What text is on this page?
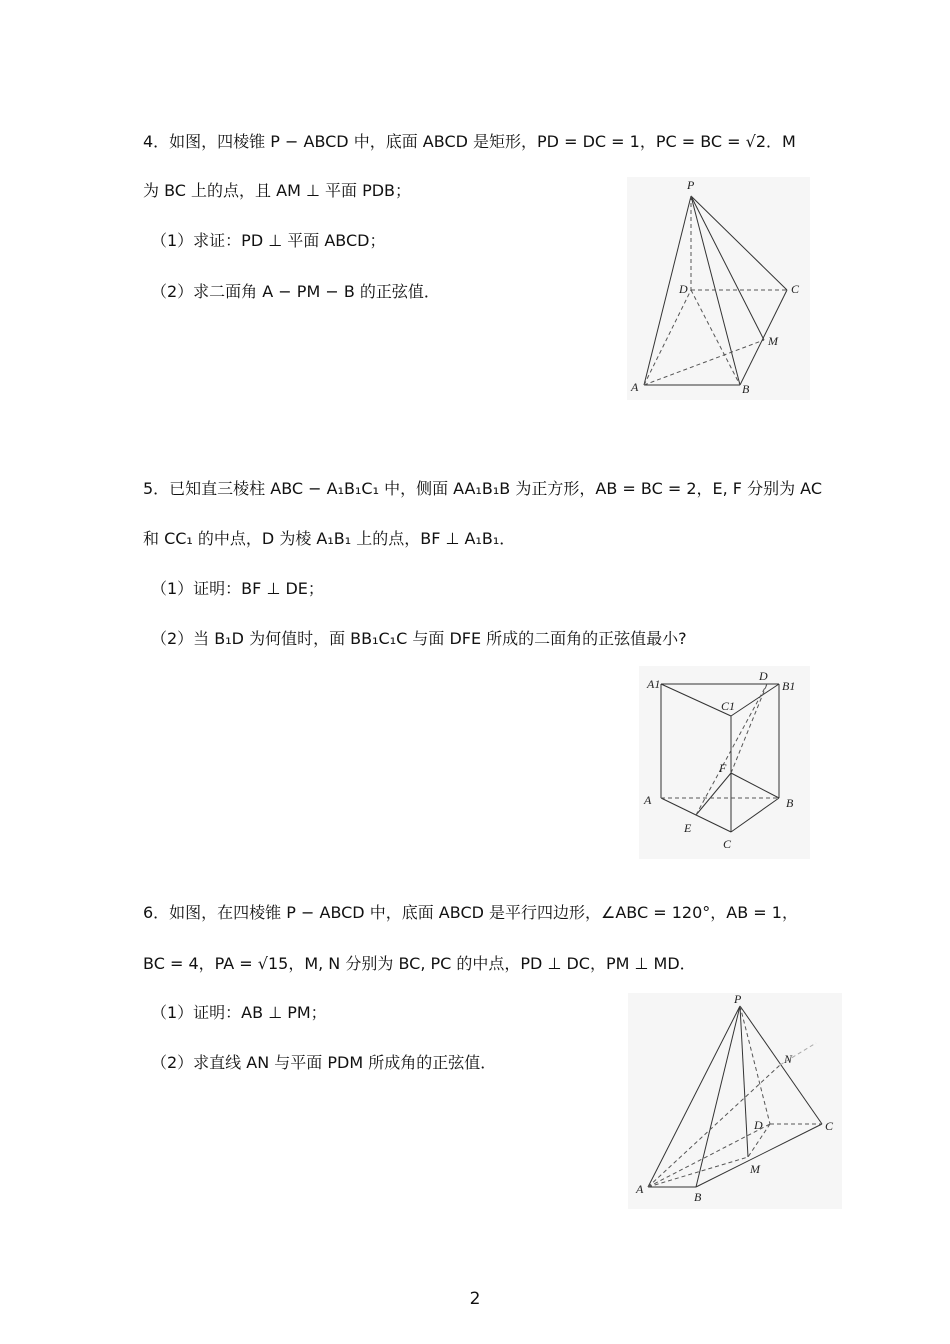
4．如图，四棱锥 P − ABCD 中，底面 ABCD 是矩形，PD = DC = 1，PC = BC = √2．M
为 BC 上的点，且 AM ⊥ 平面 PDB；
（1）求证：PD ⊥ 平面 ABCD；
（2）求二面角 A − PM − B 的正弦值．
P
D	C
M
A	B
5．已知直三棱柱 ABC − A₁B₁C₁ 中，侧面 AA₁B₁B 为正方形，AB = BC = 2，E, F 分别为 AC
和 CC₁ 的中点，D 为棱 A₁B₁ 上的点，BF ⊥ A₁B₁．
（1）证明：BF ⊥ DE；
（2）当 B₁D 为何值时，面 BB₁C₁C 与面 DFE 所成的二面角的正弦值最小?
A1
D
B1
C1
F
A	B
E
C
6．如图，在四棱锥 P − ABCD 中，底面 ABCD 是平行四边形，∠ABC = 120°，AB = 1，
BC = 4，PA = √15，M, N 分别为 BC, PC 的中点，PD ⊥ DC，PM ⊥ MD．
（1）证明：AB ⊥ PM；
（2）求直线 AN 与平面 PDM 所成角的正弦值．
P
N
D	C
M
A
B
2
